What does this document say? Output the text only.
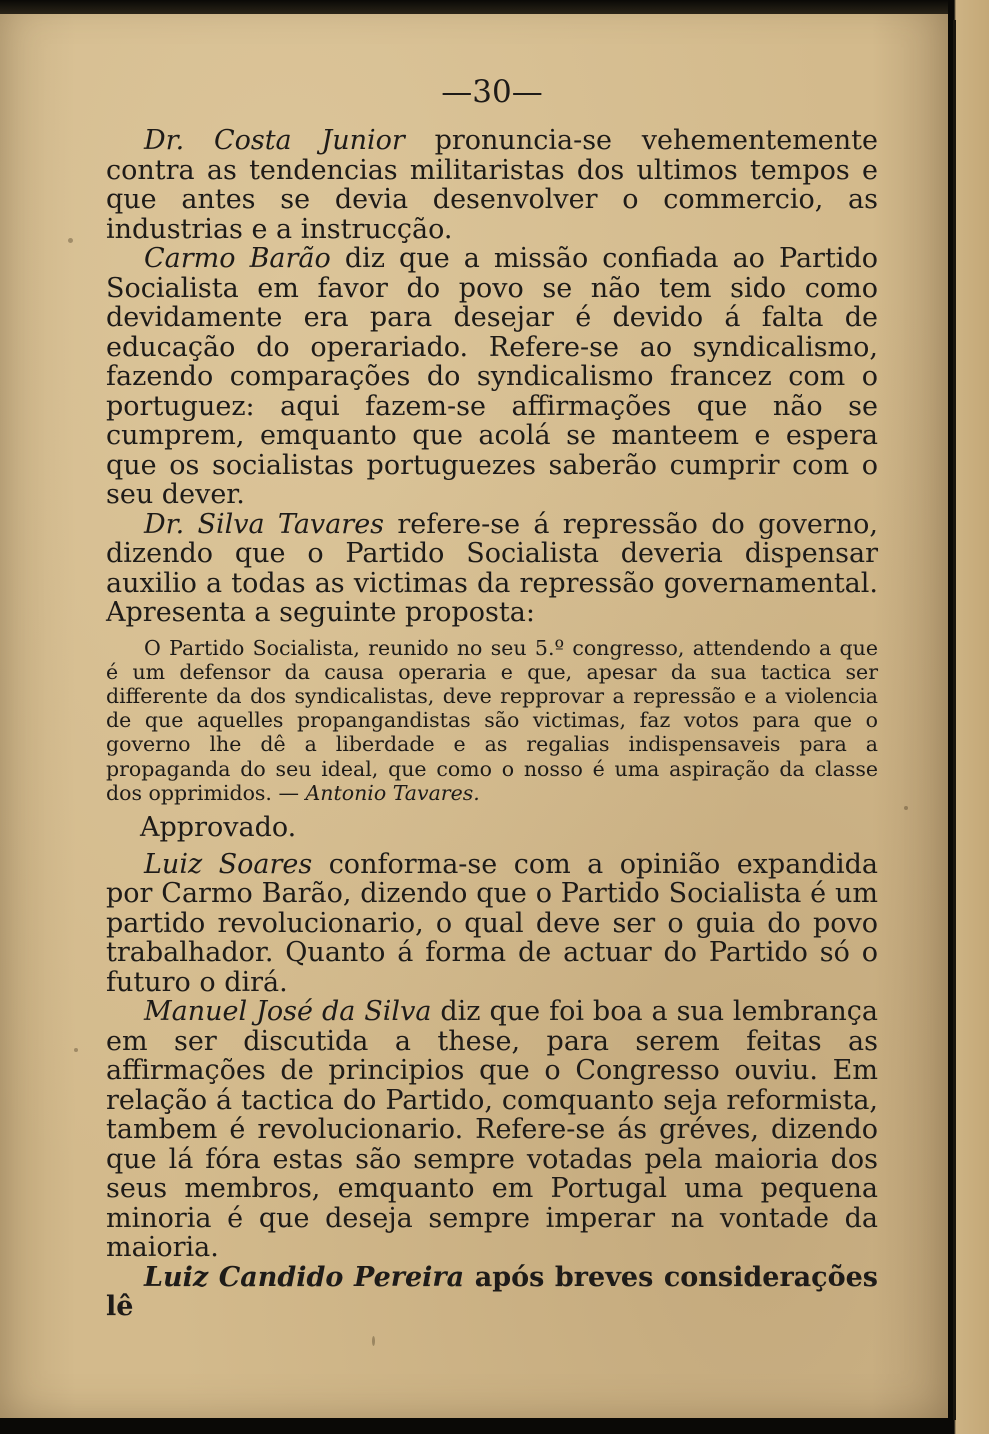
—30—

Dr. Costa Junior pronuncia-se vehementemente contra as tendencias militaristas dos ultimos tempos e que antes se devia desenvolver o commercio, as industrias e a instrucção.

Carmo Barão diz que a missão confiada ao Partido Socialista em favor do povo se não tem sido como devidamente era para desejar é devido á falta de educação do operariado. Refere-se ao syndicalismo, fazendo comparações do syndicalismo francez com o portuguez: aqui fazem-se affirmações que não se cumprem, emquanto que acolá se manteem e espera que os socialistas portuguezes saberão cumprir com o seu dever.

Dr. Silva Tavares refere-se á repressão do governo, dizendo que o Partido Socialista deveria dispensar auxilio a todas as victimas da repressão governamental. Apresenta a seguinte proposta:

O Partido Socialista, reunido no seu 5.º congresso, attendendo a que é um defensor da causa operaria e que, apesar da sua tactica ser differente da dos syndicalistas, deve repprovar a repressão e a violencia de que aquelles propangandistas são victimas, faz votos para que o governo lhe dê a liberdade e as regalias indispensaveis para a propaganda do seu ideal, que como o nosso é uma aspiração da classe dos opprimidos. — Antonio Tavares.

Approvado.

Luiz Soares conforma-se com a opinião expandida por Carmo Barão, dizendo que o Partido Socialista é um partido revolucionario, o qual deve ser o guia do povo trabalhador. Quanto á forma de actuar do Partido só o futuro o dirá.

Manuel José da Silva diz que foi boa a sua lembrança em ser discutida a these, para serem feitas as affirmações de principios que o Congresso ouviu. Em relação á tactica do Partido, comquanto seja reformista, tambem é revolucionario. Refere-se ás gréves, dizendo que lá fóra estas são sempre votadas pela maioria dos seus membros, emquanto em Portugal uma pequena minoria é que deseja sempre imperar na vontade da maioria.

Luiz Candido Pereira após breves considerações lê
